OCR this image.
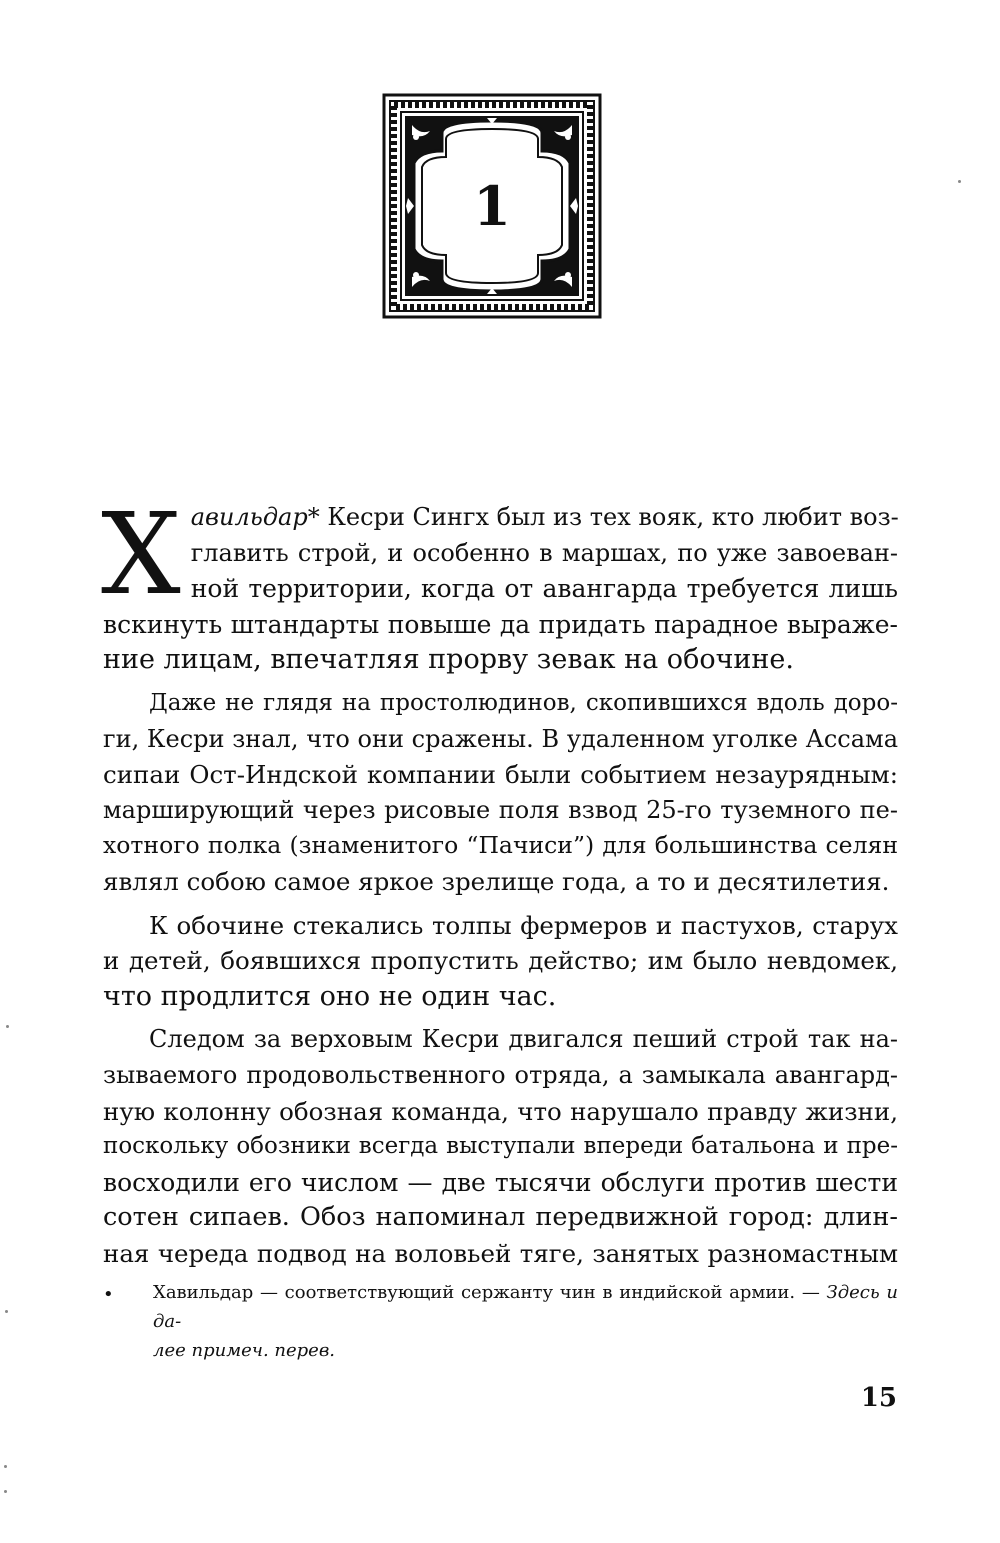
1
Х авильдар* Кесри Сингх был из тех вояк, кто любит воз-
главить строй, и особенно в маршах, по уже завоеван-
ной территории, когда от авангарда требуется лишь
вскинуть штандарты повыше да придать парадное выраже-
ние лицам, впечатляя прорву зевак на обочине.
Даже не глядя на простолюдинов, скопившихся вдоль доро-
ги, Кесри знал, что они сражены. В удаленном уголке Ассама
сипаи Ост-Индской компании были событием незаурядным:
марширующий через рисовые поля взвод 25-го туземного пе-
хотного полка (знаменитого “Пачиси”) для большинства селян
являл собою самое яркое зрелище года, а то и десятилетия.
К обочине стекались толпы фермеров и пастухов, старух
и детей, боявшихся пропустить действо; им было невдомек,
что продлится оно не один час.
Следом за верховым Кесри двигался пеший строй так на-
зываемого продовольственного отряда, а замыкала авангард-
ную колонну обозная команда, что нарушало правду жизни,
поскольку обозники всегда выступали впереди батальона и пре-
восходили его числом — две тысячи обслуги против шести
сотен сипаев. Обоз напоминал передвижной город: длин-
ная череда подвод на воловьей тяге, занятых разномастным
• Хавильдар — соответствующий сержанту чин в индийской армии. — Здесь и да-
лее примеч. перев.
15
